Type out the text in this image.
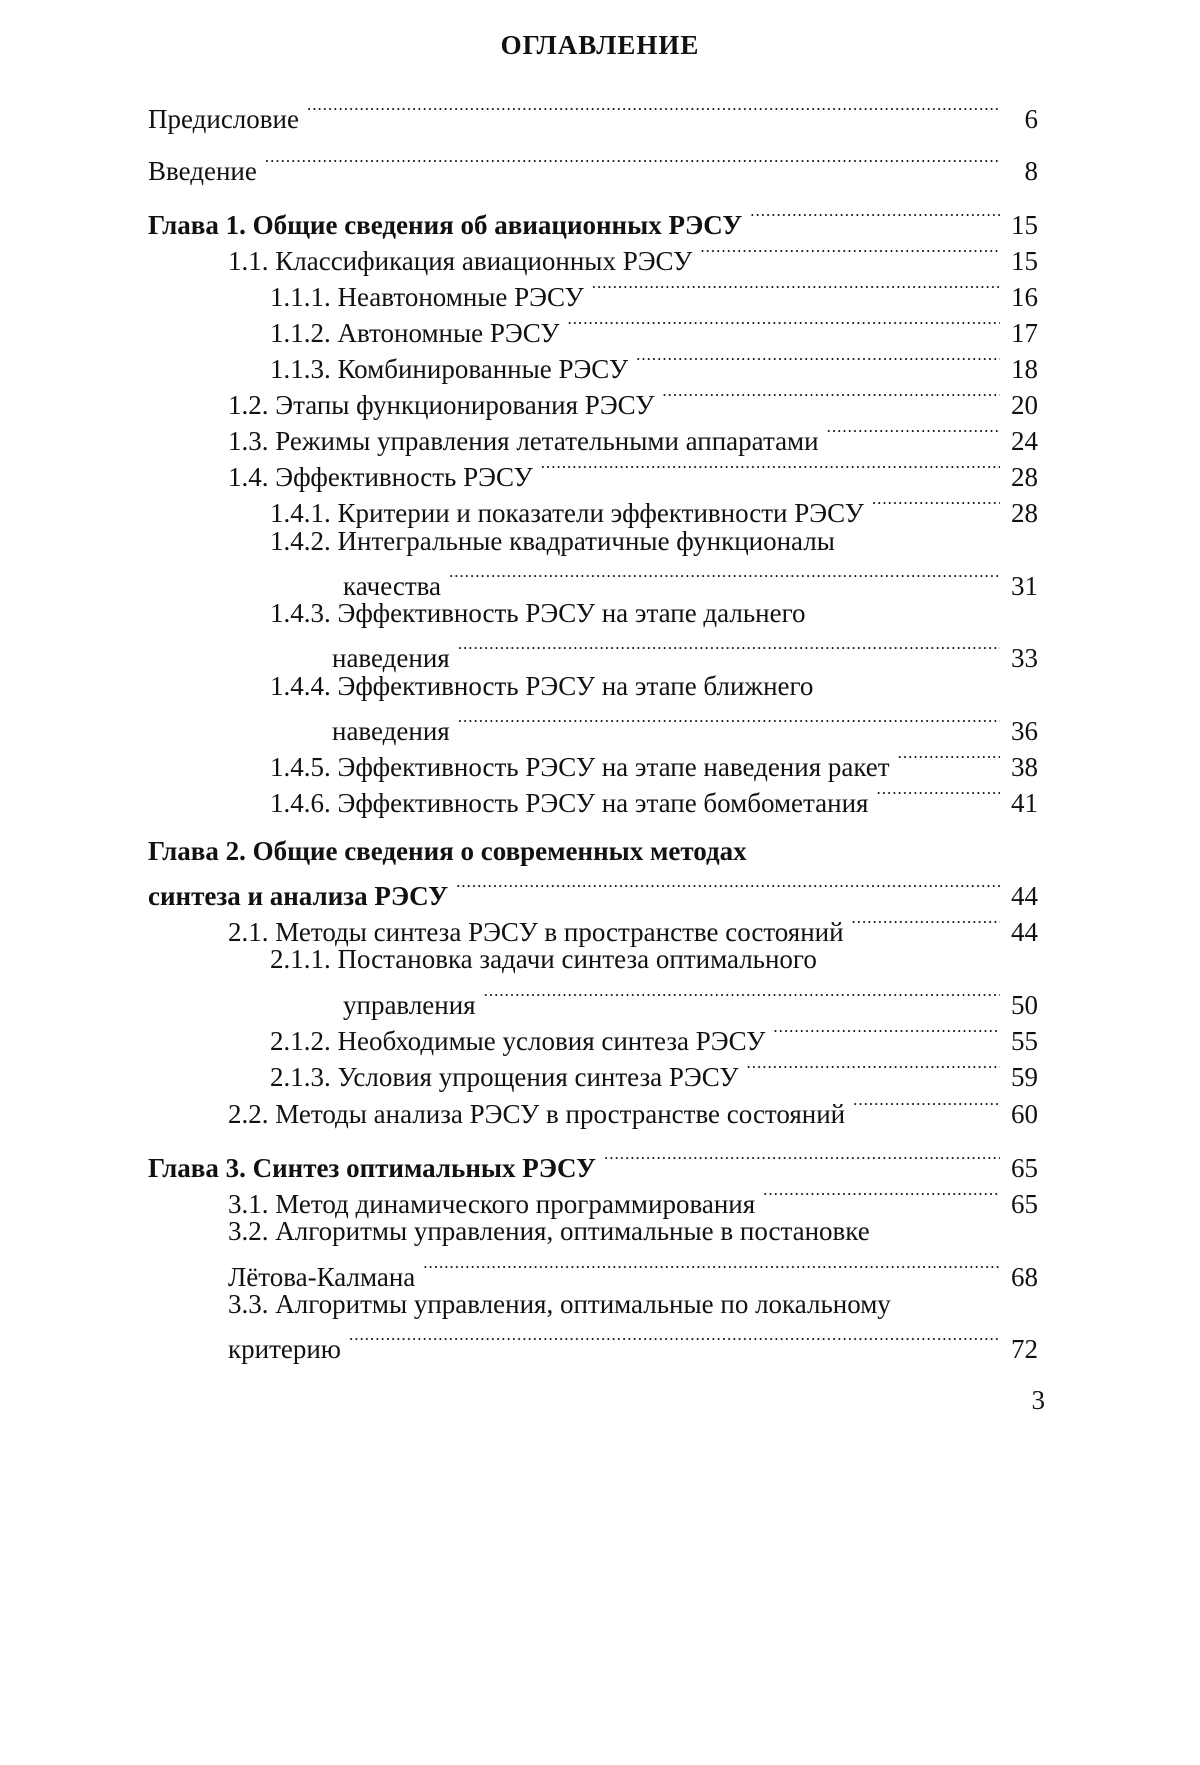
ОГЛАВЛЕНИЕ
Предисловие .....	6
Введение .....	8
Глава 1. Общие сведения об авиационных РЭСУ .....	15
1.1. Классификация авиационных РЭСУ .....	15
1.1.1. Неавтономные РЭСУ .....	16
1.1.2. Автономные РЭСУ .....	17
1.1.3. Комбинированные РЭСУ .....	18
1.2. Этапы функционирования РЭСУ .....	20
1.3. Режимы управления летательными аппаратами .....	24
1.4. Эффективность РЭСУ .....	28
1.4.1. Критерии и показатели эффективности РЭСУ .....	28
1.4.2. Интегральные квадратичные функционалы
качества .....	31
1.4.3. Эффективность РЭСУ на этапе дальнего
наведения .....	33
1.4.4. Эффективность РЭСУ на этапе ближнего
наведения .....	36
1.4.5. Эффективность РЭСУ на этапе наведения ракет .....	38
1.4.6. Эффективность РЭСУ на этапе бомбометания .....	41
Глава 2. Общие сведения о современных методах
синтеза и анализа РЭСУ .....	44
2.1. Методы синтеза РЭСУ в пространстве состояний .....	44
2.1.1. Постановка задачи синтеза оптимального
управления .....	50
2.1.2. Необходимые условия синтеза РЭСУ .....	55
2.1.3. Условия упрощения синтеза РЭСУ .....	59
2.2. Методы анализа РЭСУ в пространстве состояний .....	60
Глава 3. Синтез оптимальных РЭСУ .....	65
3.1. Метод динамического программирования .....	65
3.2. Алгоритмы управления, оптимальные в постановке
Лётова-Калмана .....	68
3.3. Алгоритмы управления, оптимальные по локальному
критерию .....	72
3
